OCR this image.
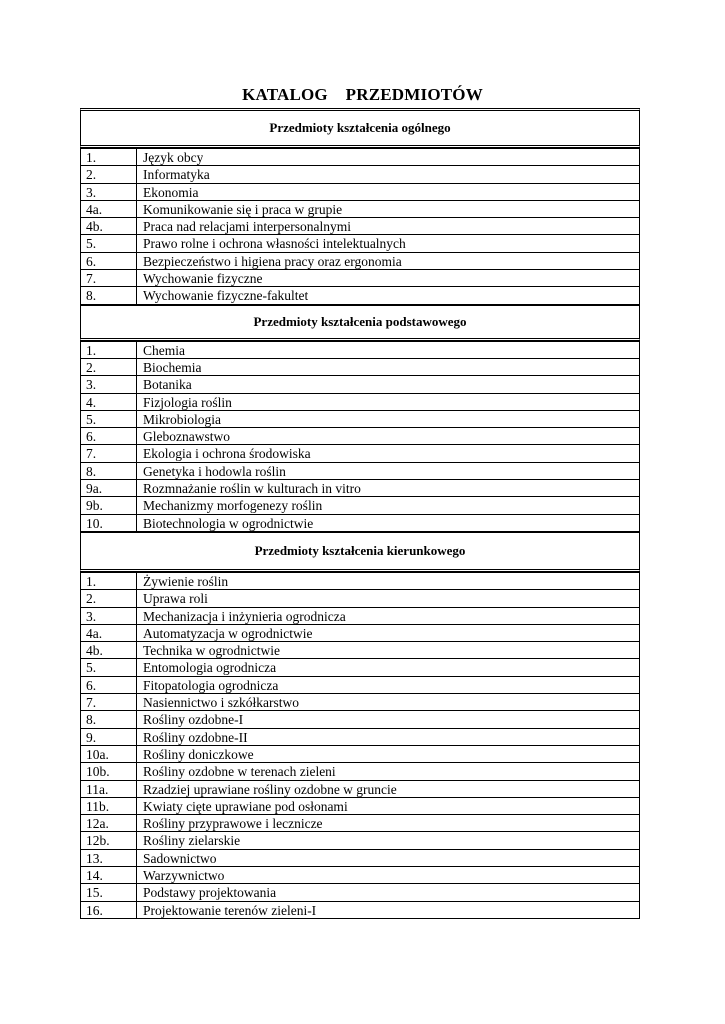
KATALOG    PRZEDMIOTÓW
Przedmioty kształcenia ogólnego
1.	Język obcy
2.	Informatyka
3.	Ekonomia
4a.	Komunikowanie się i praca w grupie
4b.	Praca nad relacjami interpersonalnymi
5.	Prawo rolne i ochrona własności intelektualnych
6.	Bezpieczeństwo i higiena pracy oraz ergonomia
7.	Wychowanie fizyczne
8.	Wychowanie fizyczne-fakultet
Przedmioty kształcenia podstawowego
1.	Chemia
2.	Biochemia
3.	Botanika
4.	Fizjologia roślin
5.	Mikrobiologia
6.	Gleboznawstwo
7.	Ekologia i ochrona środowiska
8.	Genetyka i hodowla roślin
9a.	Rozmnażanie roślin w kulturach in vitro
9b.	Mechanizmy morfogenezy roślin
10.	Biotechnologia w ogrodnictwie
Przedmioty kształcenia kierunkowego
1.	Żywienie roślin
2.	Uprawa roli
3.	Mechanizacja i inżynieria ogrodnicza
4a.	Automatyzacja w ogrodnictwie
4b.	Technika w ogrodnictwie
5.	Entomologia ogrodnicza
6.	Fitopatologia ogrodnicza
7.	Nasiennictwo i szkółkarstwo
8.	Rośliny ozdobne-I
9.	Rośliny ozdobne-II
10a.	Rośliny doniczkowe
10b.	Rośliny ozdobne w terenach zieleni
11a.	Rzadziej uprawiane rośliny ozdobne w gruncie
11b.	Kwiaty cięte uprawiane pod osłonami
12a.	Rośliny przyprawowe i lecznicze
12b.	Rośliny zielarskie
13.	Sadownictwo
14.	Warzywnictwo
15.	Podstawy projektowania
16.	Projektowanie terenów zieleni-I
